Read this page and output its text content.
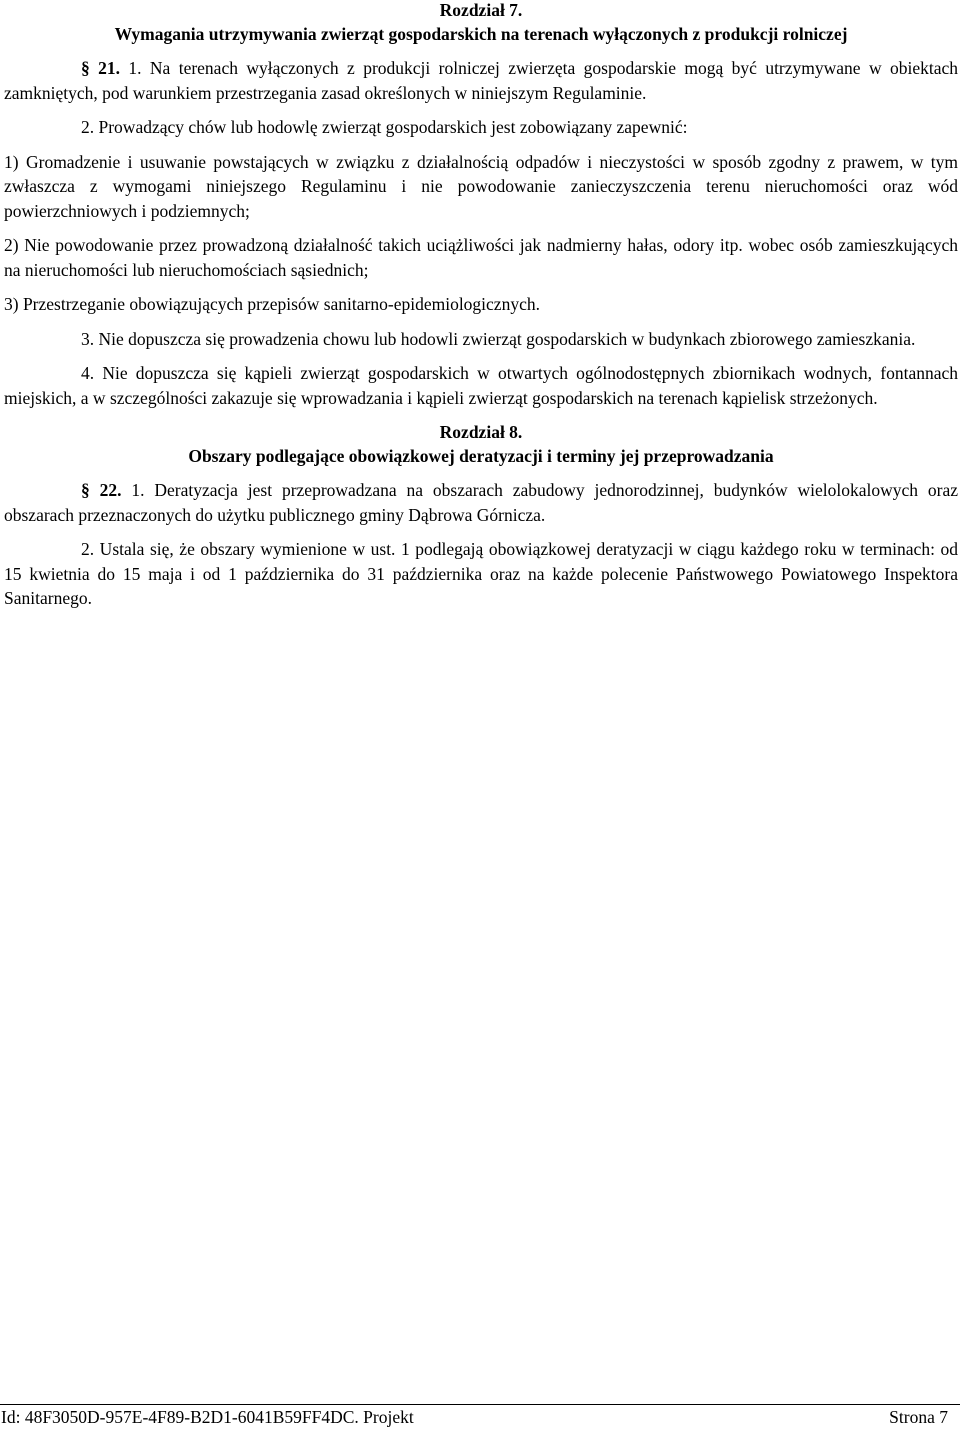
Rozdział 7.
Wymagania utrzymywania zwierząt gospodarskich na terenach wyłączonych z produkcji rolniczej

§ 21. 1. Na terenach wyłączonych z produkcji rolniczej zwierzęta gospodarskie mogą być utrzymywane w obiektach zamkniętych, pod warunkiem przestrzegania zasad określonych w niniejszym Regulaminie.

2. Prowadzący chów lub hodowlę zwierząt gospodarskich jest zobowiązany zapewnić:

1) Gromadzenie i usuwanie powstających w związku z działalnością odpadów i nieczystości w sposób zgodny z prawem, w tym zwłaszcza z wymogami niniejszego Regulaminu i nie powodowanie zanieczyszczenia terenu nieruchomości oraz wód powierzchniowych i podziemnych;

2) Nie powodowanie przez prowadzoną działalność takich uciążliwości jak nadmierny hałas, odory itp. wobec osób zamieszkujących na nieruchomości lub nieruchomościach sąsiednich;

3) Przestrzeganie obowiązujących przepisów sanitarno-epidemiologicznych.

3. Nie dopuszcza się prowadzenia chowu lub hodowli zwierząt gospodarskich w budynkach zbiorowego zamieszkania.

4. Nie dopuszcza się kąpieli zwierząt gospodarskich w otwartych ogólnodostępnych zbiornikach wodnych, fontannach miejskich, a w szczególności zakazuje się wprowadzania i kąpieli zwierząt gospodarskich na terenach kąpielisk strzeżonych.

Rozdział 8.
Obszary podlegające obowiązkowej deratyzacji i terminy jej przeprowadzania

§ 22. 1. Deratyzacja jest przeprowadzana na obszarach zabudowy jednorodzinnej, budynków wielolokalowych oraz obszarach przeznaczonych do użytku publicznego gminy Dąbrowa Górnicza.

2. Ustala się, że obszary wymienione w ust. 1 podlegają obowiązkowej deratyzacji w ciągu każdego roku w terminach: od 15 kwietnia do 15 maja i od 1 października do 31 października oraz na każde polecenie Państwowego Powiatowego Inspektora Sanitarnego.

Id: 48F3050D-957E-4F89-B2D1-6041B59FF4DC. Projekt	Strona 7
